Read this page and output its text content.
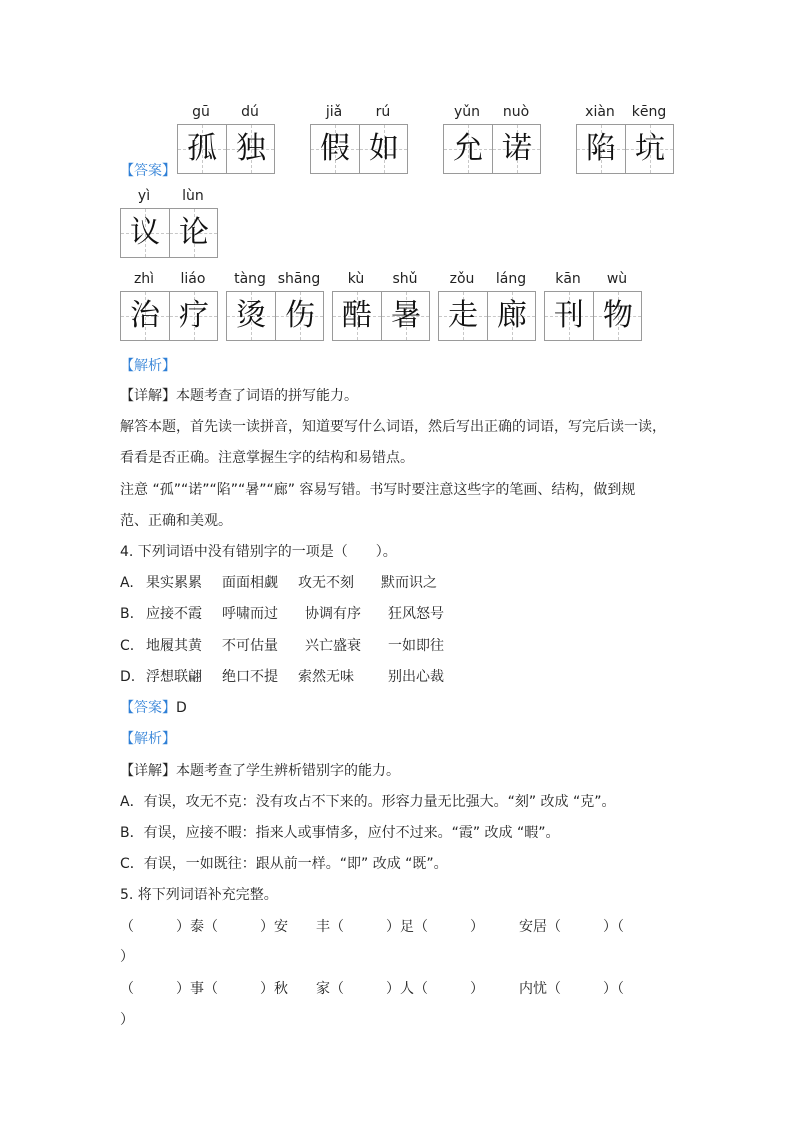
【答案】
gū	dú
孤 独
jiǎ	rú
假 如
yǔn	nuò
允 诺
xiàn	kēng
陷 坑
yì	lùn
议 论
zhì	liáo
治 疗
tàng shāng
烫 伤
kù	shǔ
酷 暑
zǒu	láng
走 廊
kān	wù
刊 物
【解析】
【详解】本题考查了词语的拼写能力。
解答本题，首先读一读拼音，知道要写什么词语，然后写出正确的词语，写完后读一读，
看看是否正确。注意掌握生字的结构和易错点。
注意 “孤”“诺”“陷”“暑”“廊” 容易写错。书写时要注意这些字的笔画、结构，做到规
范、正确和美观。
4. 下列词语中没有错别字的一项是（　　）。
A. 果实累累 面面相觑 攻无不刻 默而识之
B. 应接不霞 呼啸而过 协调有序 狂风怒号
C. 地履其黄 不可估量 兴亡盛衰 一如即往
D. 浮想联翩 绝口不提 索然无味 别出心裁
【答案】D
【解析】
【详解】本题考查了学生辨析错别字的能力。
A．有误，攻无不克：没有攻占不下来的。形容力量无比强大。“刻” 改成 “克”。
B．有误，应接不暇：指来人或事情多，应付不过来。“霞” 改成 “暇”。
C．有误，一如既往：跟从前一样。“即” 改成 “既”。
5. 将下列词语补充完整。
（　　　）泰（　　　）安　　丰（　　　）足（　　　）　　　安居（　　　）（
）
（　　　）事（　　　）秋　　家（　　　）人（　　　）　　　内忧（　　　）（
）
